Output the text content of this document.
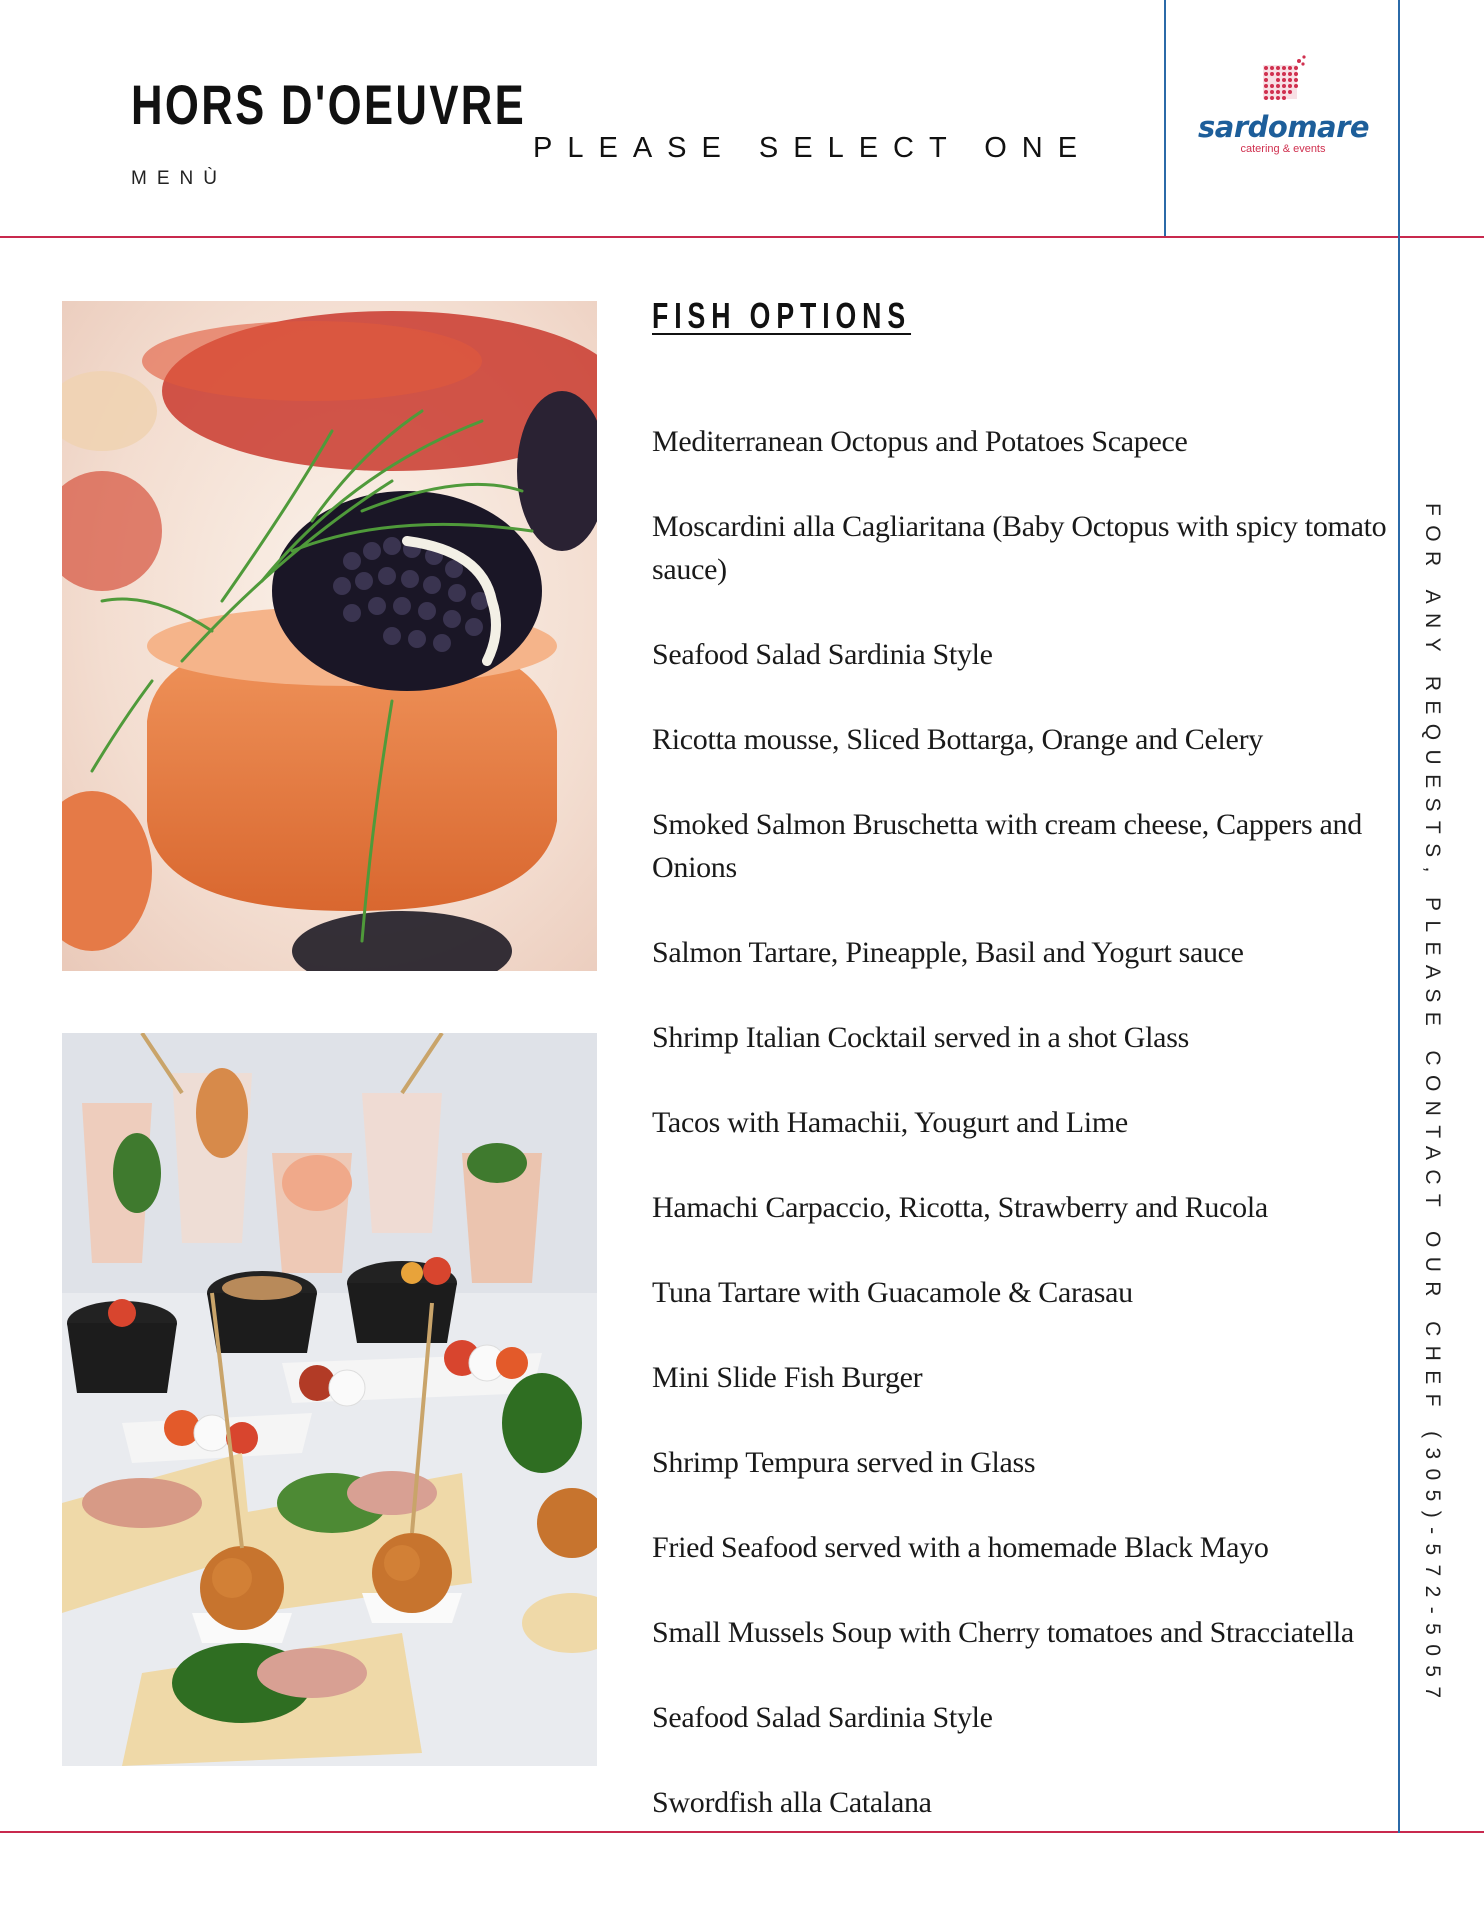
HORS D'OEUVRE
MENÙ
PLEASE SELECT ONE
sardomare
catering & events
FISH OPTIONS
Mediterranean Octopus and Potatoes Scapece
Moscardini alla Cagliaritana (Baby Octopus with spicy tomato sauce)
Seafood Salad Sardinia Style
Ricotta mousse, Sliced Bottarga, Orange and Celery
Smoked Salmon Bruschetta with cream cheese, Cappers and Onions
Salmon Tartare, Pineapple, Basil and Yogurt sauce
Shrimp Italian Cocktail served in a shot Glass
Tacos with Hamachii, Yougurt and Lime
Hamachi Carpaccio, Ricotta, Strawberry and Rucola
Tuna Tartare with Guacamole & Carasau
Mini Slide Fish Burger
Shrimp Tempura served in Glass
Fried Seafood served with a homemade Black Mayo
Small Mussels Soup with Cherry tomatoes and Stracciatella
Seafood Salad Sardinia Style
Swordfish alla Catalana
FOR ANY REQUESTS, PLEASE CONTACT OUR CHEF (305)-572-5057
